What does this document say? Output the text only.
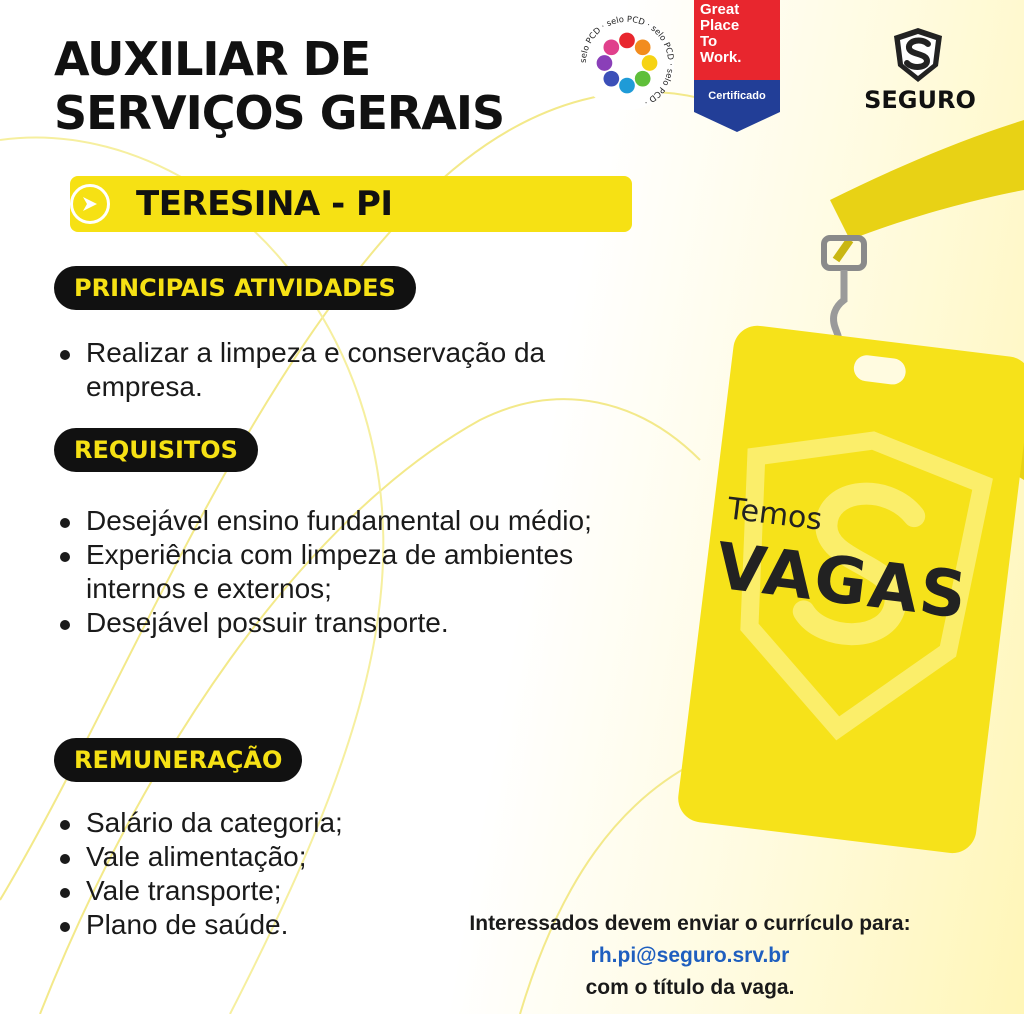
AUXILIAR DE
SERVIÇOS GERAIS
TERESINA - PI
selo PCD · selo PCD · selo PCD · selo PCD ·
Great
Place
To
Work.
Certificado	SEGURO
PRINCIPAIS ATIVIDADES
Realizar a limpeza e conservação da
empresa.
REQUISITOS
Desejável ensino fundamental ou médio;
Experiência com limpeza de ambientes
internos e externos;
Desejável possuir transporte.
REMUNERAÇÃO
Salário da categoria;
Vale alimentação;
Vale transporte;
Plano de saúde.
Temos
VAGAS
Interessados devem enviar o currículo para:
rh.pi@seguro.srv.br
com o título da vaga.
